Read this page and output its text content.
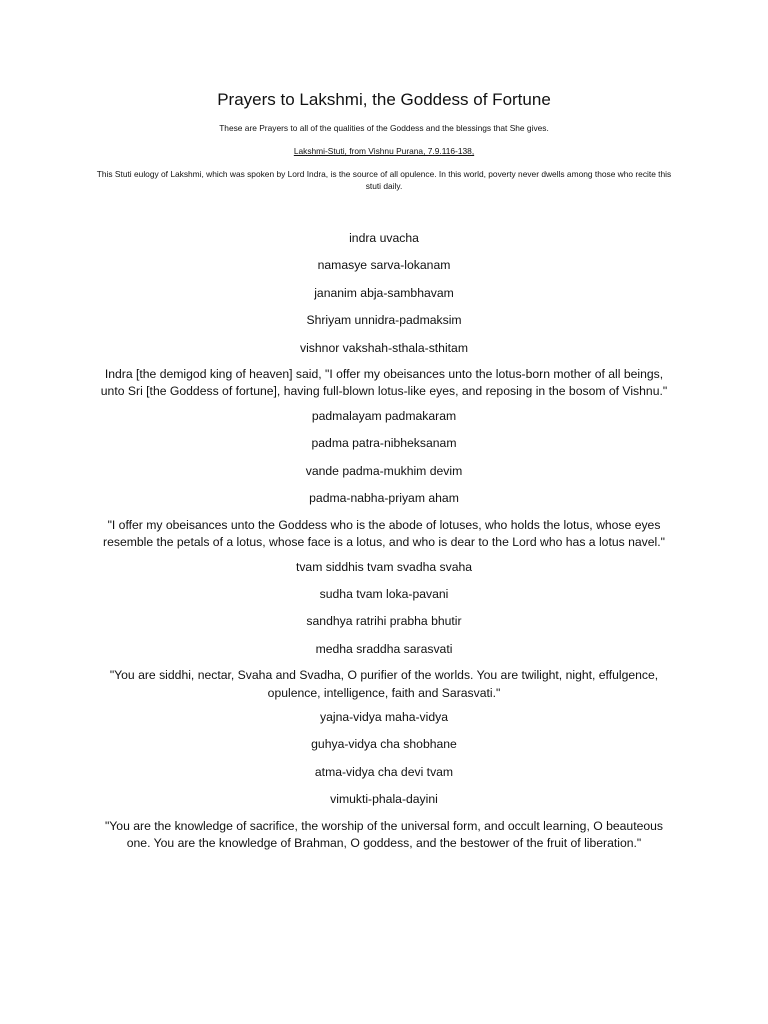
Prayers to Lakshmi, the Goddess of Fortune
These are Prayers to all of the qualities of the Goddess and the blessings that She gives.
Lakshmi-Stuti, from Vishnu Purana, 7.9.116-138,
This Stuti eulogy of Lakshmi, which was spoken by Lord Indra, is the source of all opulence. In this world, poverty never dwells among those who recite this stuti daily.

indra uvacha

namasye sarva-lokanam

jananim abja-sambhavam

Shriyam unnidra-padmaksim

vishnor vakshah-sthala-sthitam

Indra [the demigod king of heaven] said, "I offer my obeisances unto the lotus-born mother of all beings, unto Sri [the Goddess of fortune], having full-blown lotus-like eyes, and reposing in the bosom of Vishnu."

padmalayam padmakaram

padma patra-nibheksanam

vande padma-mukhim devim

padma-nabha-priyam aham

"I offer my obeisances unto the Goddess who is the abode of lotuses, who holds the lotus, whose eyes resemble the petals of a lotus, whose face is a lotus, and who is dear to the Lord who has a lotus navel."

tvam siddhis tvam svadha svaha

sudha tvam loka-pavani

sandhya ratrihi prabha bhutir

medha sraddha sarasvati

"You are siddhi, nectar, Svaha and Svadha, O purifier of the worlds. You are twilight, night, effulgence, opulence, intelligence, faith and Sarasvati."

yajna-vidya maha-vidya

guhya-vidya cha shobhane

atma-vidya cha devi tvam

vimukti-phala-dayini

"You are the knowledge of sacrifice, the worship of the universal form, and occult learning, O beauteous one. You are the knowledge of Brahman, O goddess, and the bestower of the fruit of liberation."
